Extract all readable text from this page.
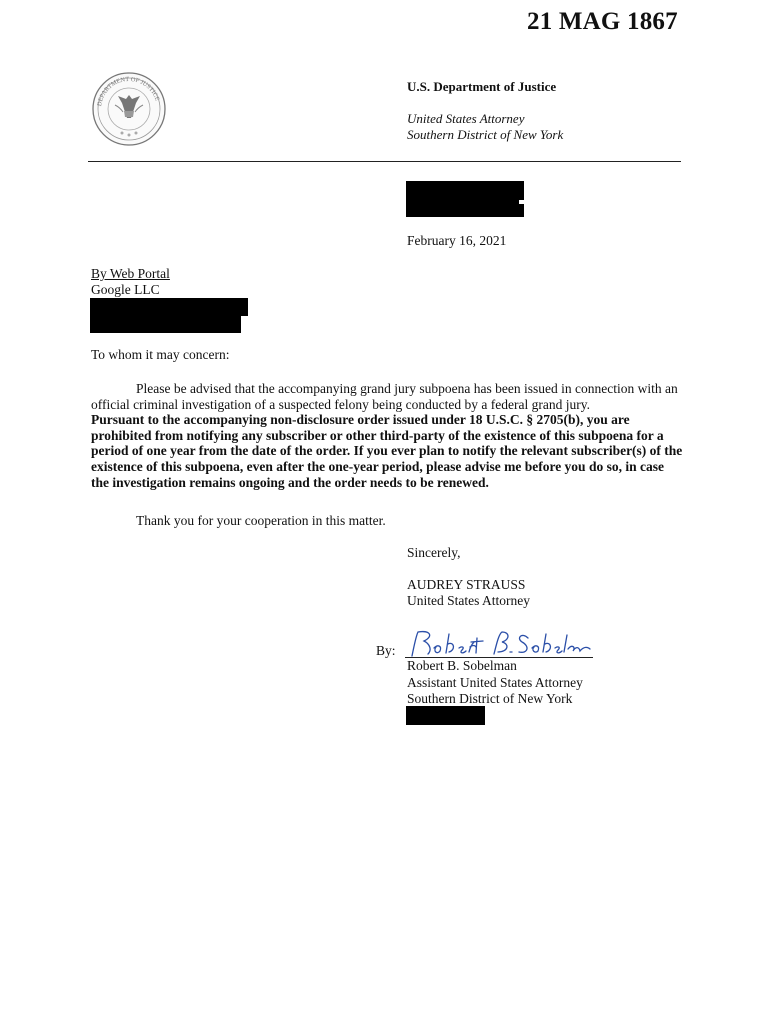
21 MAG 1867
DEPARTMENT OF JUSTICE
U.S. Department of Justice
United States Attorney
Southern District of New York
February 16, 2021
By Web Portal
Google LLC
To whom it may concern:

Please be advised that the accompanying grand jury subpoena has been issued in connection with an official criminal investigation of a suspected felony being conducted by a federal grand jury.

Pursuant to the accompanying non-disclosure order issued under 18 U.S.C. § 2705(b), you are prohibited from notifying any subscriber or other third-party of the existence of this subpoena for a period of one year from the date of the order. If you ever plan to notify the relevant subscriber(s) of the existence of this subpoena, even after the one-year period, please advise me before you do so, in case the investigation remains ongoing and the order needs to be renewed.

Thank you for your cooperation in this matter.
Sincerely,
AUDREY STRAUSS
United States Attorney
By:
Robert B. Sobelman
Assistant United States Attorney
Southern District of New York
